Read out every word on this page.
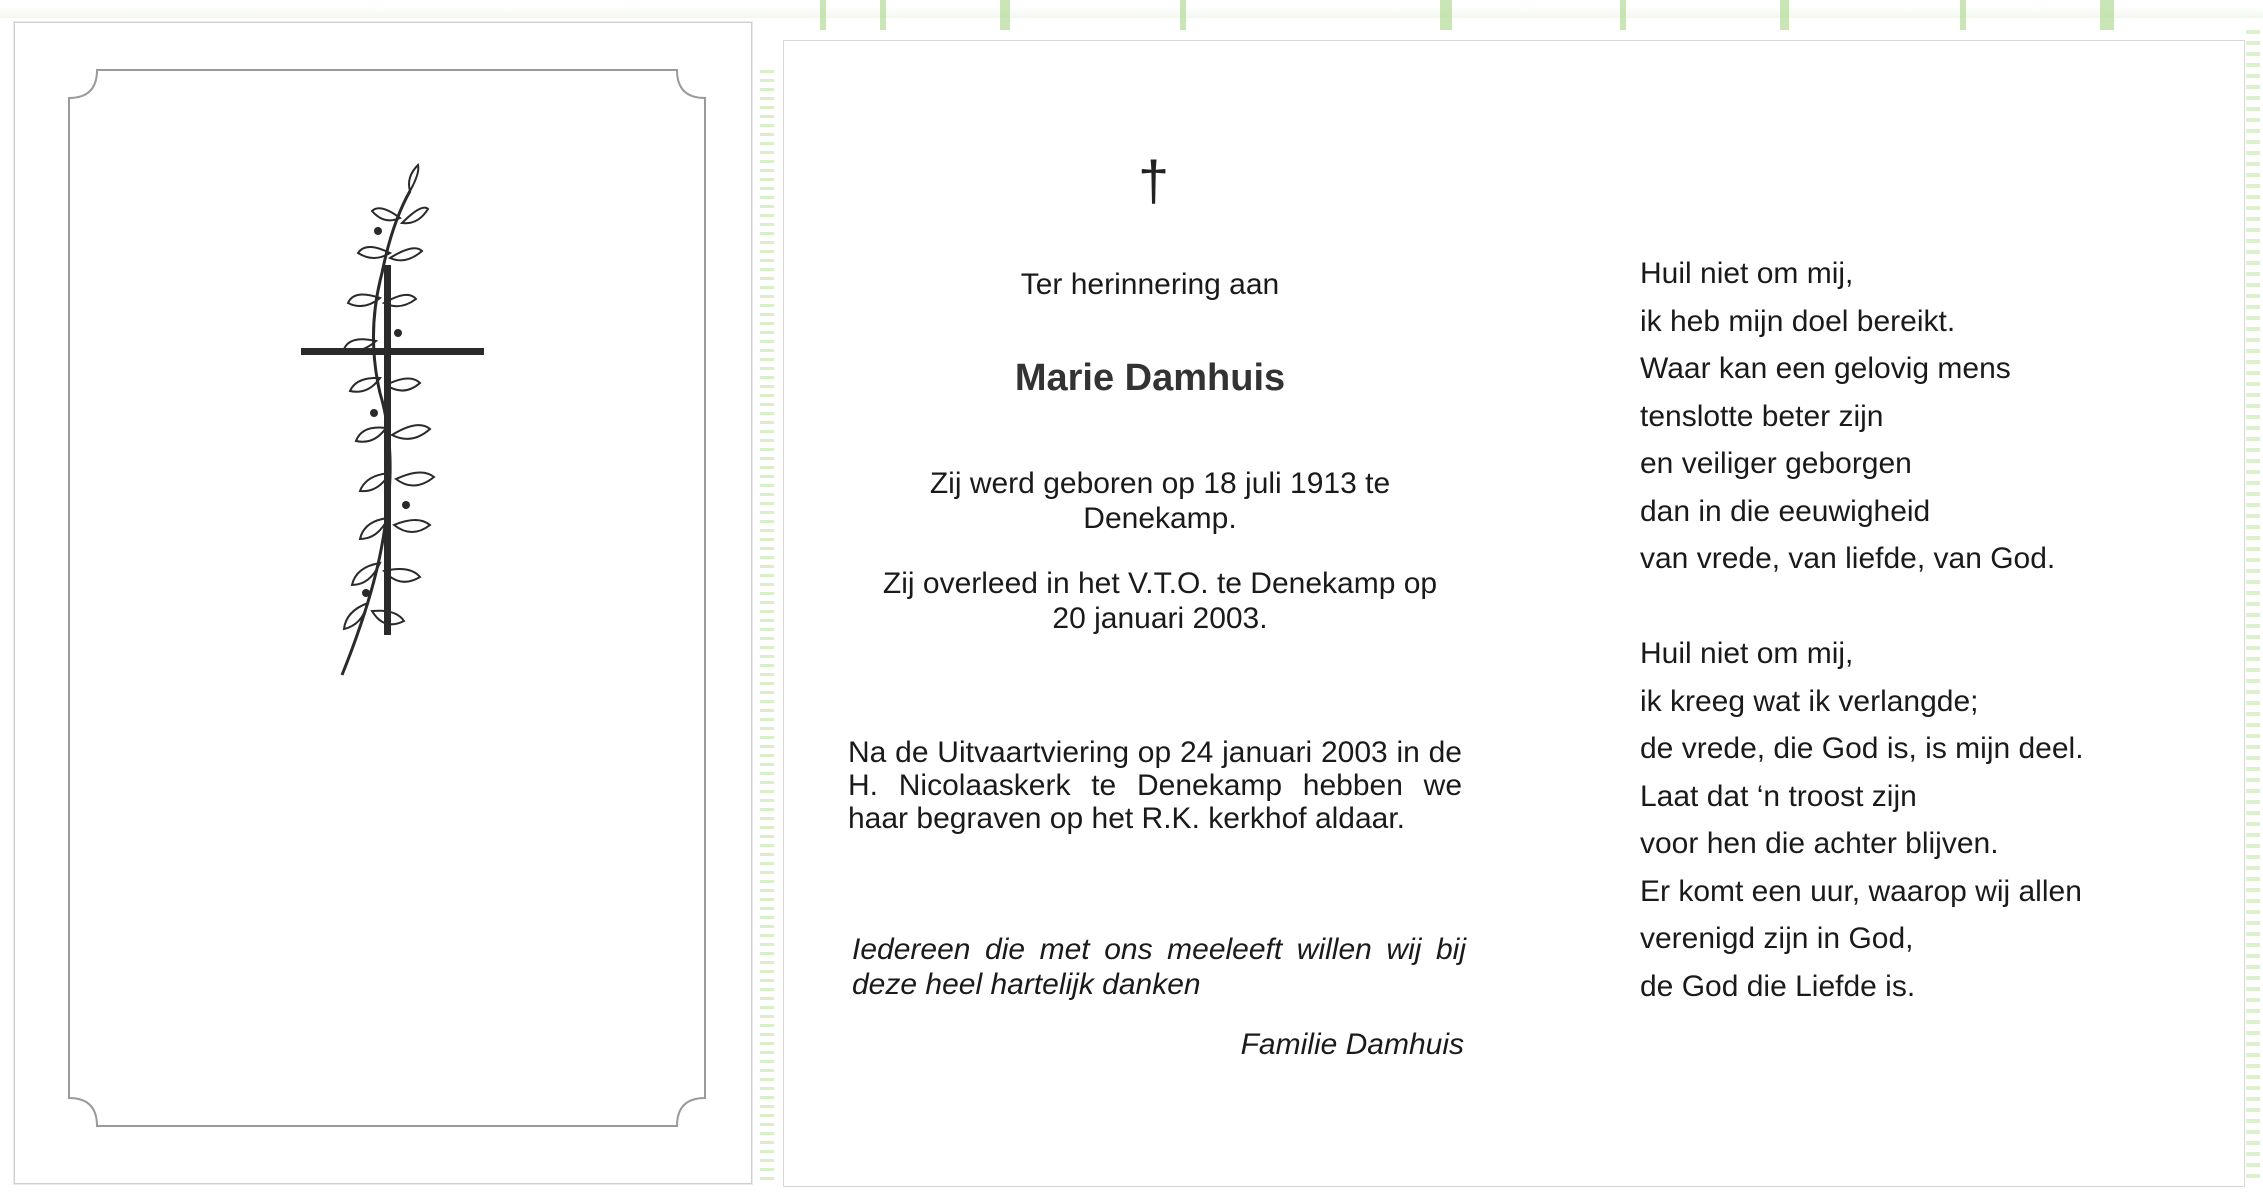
†
Ter herinnering aan
Marie Damhuis
Zij werd geboren op 18 juli 1913 te
Denekamp.
Zij overleed in het V.T.O. te Denekamp op
20 januari 2003.
Na de Uitvaartviering op 24 januari 2003 in de H. Nicolaaskerk te Denekamp hebben we haar begraven op het R.K. kerkhof aldaar.
Iedereen die met ons meeleeft willen wij bij deze heel hartelijk danken
Familie Damhuis
Huil niet om mij,
ik heb mijn doel bereikt.
Waar kan een gelovig mens
tenslotte beter zijn
en veiliger geborgen
dan in die eeuwigheid
van vrede, van liefde, van God.
Huil niet om mij,
ik kreeg wat ik verlangde;
de vrede, die God is, is mijn deel.
Laat dat ‘n troost zijn
voor hen die achter blijven.
Er komt een uur, waarop wij allen
verenigd zijn in God,
de God die Liefde is.
